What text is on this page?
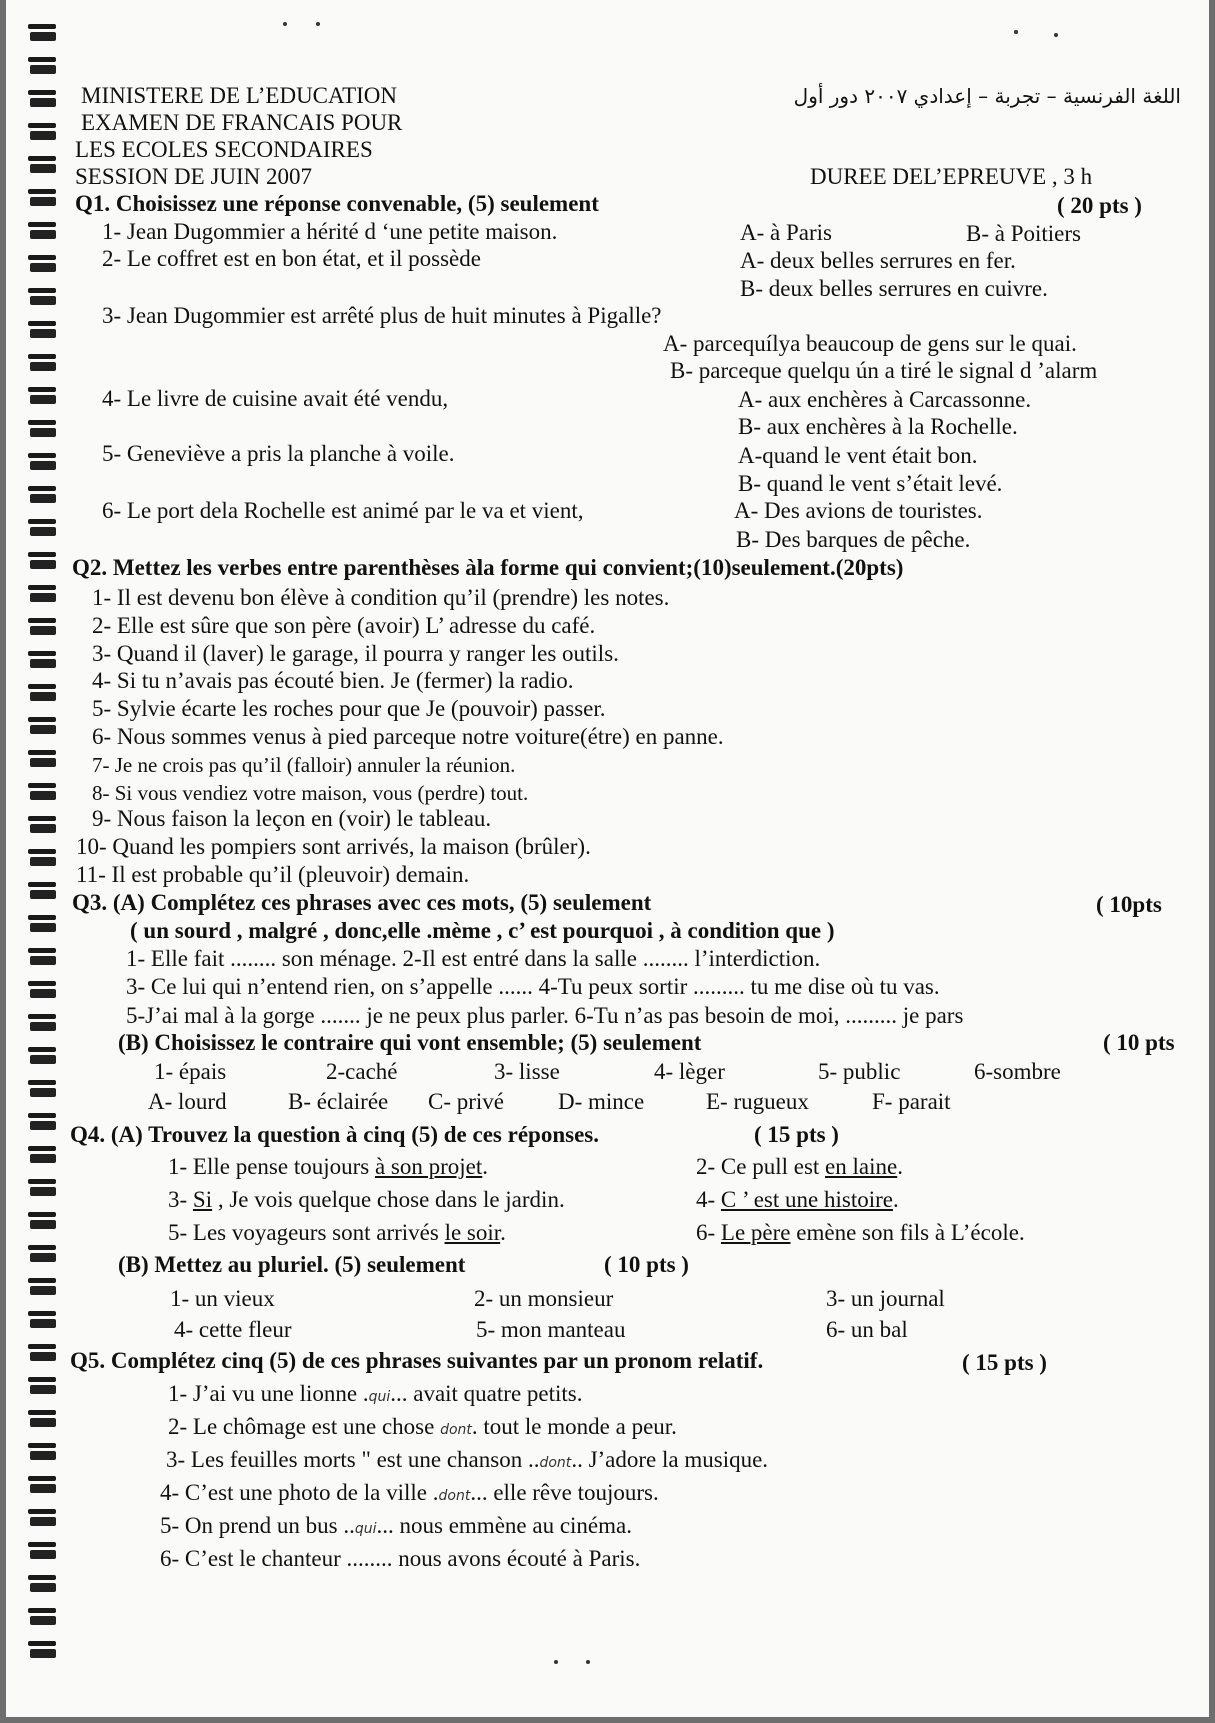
MINISTERE DE L’EDUCATION
EXAMEN DE FRANCAIS POUR
LES ECOLES SECONDAIRES
SESSION DE JUIN 2007
اللغة الفرنسية – تجربة – إعدادي ٢٠٠٧ دور أول
DUREE DEL’EPREUVE , 3 h
Q1. Choisissez une réponse convenable, (5) seulement	( 20 pts )
1- Jean Dugommier a hérité d ‘une petite maison.	A- à Paris	B- à Poitiers
2- Le coffret est en bon état, et il possède	A- deux belles serrures en fer.
B- deux belles serrures en cuivre.
3- Jean Dugommier est arrêté plus de huit minutes à Pigalle?
A- parcequílya beaucoup de gens sur le quai.
B- parceque quelqu ún a tiré le signal d ’alarm
4- Le livre de cuisine avait été vendu,	A- aux enchères à Carcassonne.
B- aux enchères à la Rochelle.
5- Geneviève a pris la planche à voile.	A-quand le vent était bon.
B- quand le vent s’était levé.
6- Le port dela Rochelle est animé par le va et vient,	A- Des avions de touristes.
B- Des barques de pêche.
Q2. Mettez les verbes entre parenthèses àla forme qui convient;(10)seulement.(20pts)
1- Il est devenu bon élève à condition qu’il (prendre) les notes.
2- Elle est sûre que son père (avoir) L’ adresse du café.
3- Quand il (laver) le garage, il pourra y ranger les outils.
4- Si tu n’avais pas écouté bien. Je (fermer) la radio.
5- Sylvie écarte les roches pour que Je (pouvoir) passer.
6- Nous sommes venus à pied parceque notre voiture(étre) en panne.
7- Je ne crois pas qu’il (falloir) annuler la réunion.
8- Si vous vendiez votre maison, vous (perdre) tout.
9- Nous faison la leçon en (voir) le tableau.
10- Quand les pompiers sont arrivés, la maison (brûler).
11- Il est probable qu’il (pleuvoir) demain.
Q3. (A) Complétez ces phrases avec ces mots, (5) seulement	( 10pts
( un sourd , malgré , donc,elle .mème , c’ est pourquoi , à condition que )
1- Elle fait ........ son ménage. 2-Il est entré dans la salle ........ l’interdiction.
3- Ce lui qui n’entend rien, on s’appelle ...... 4-Tu peux sortir ......... tu me dise où tu vas.
5-J’ai mal à la gorge ....... je ne peux plus parler. 6-Tu n’as pas besoin de moi, ......... je pars
(B) Choisissez le contraire qui vont ensemble; (5) seulement	( 10 pts
1- épais	2-caché	3- lisse	4- lèger	5- public	6-sombre
A- lourd	B- éclairée C- privé D- mince	E- rugueux	F- parait
Q4. (A) Trouvez la question à cinq (5) de ces réponses.	( 15 pts )
1- Elle pense toujours à son projet.	2- Ce pull est en laine.
3- Si , Je vois quelque chose dans le jardin.	4- C ’ est une histoire.
5- Les voyageurs sont arrivés le soir.	6- Le père emène son fils à L’école.
(B) Mettez au pluriel. (5) seulement	( 10 pts )
1- un vieux	2- un monsieur	3- un journal
4- cette fleur	5- mon manteau	6- un bal
Q5. Complétez cinq (5) de ces phrases suivantes par un pronom relatif.	( 15 pts )
1- J’ai vu une lionne .qui... avait quatre petits.
2- Le chômage est une chose dont. tout le monde a peur.
3- Les feuilles morts " est une chanson ..dont.. J’adore la musique.
4- C’est une photo de la ville .dont... elle rêve toujours.
5- On prend un bus ..qui... nous emmène au cinéma.
6- C’est le chanteur ........ nous avons écouté à Paris.
